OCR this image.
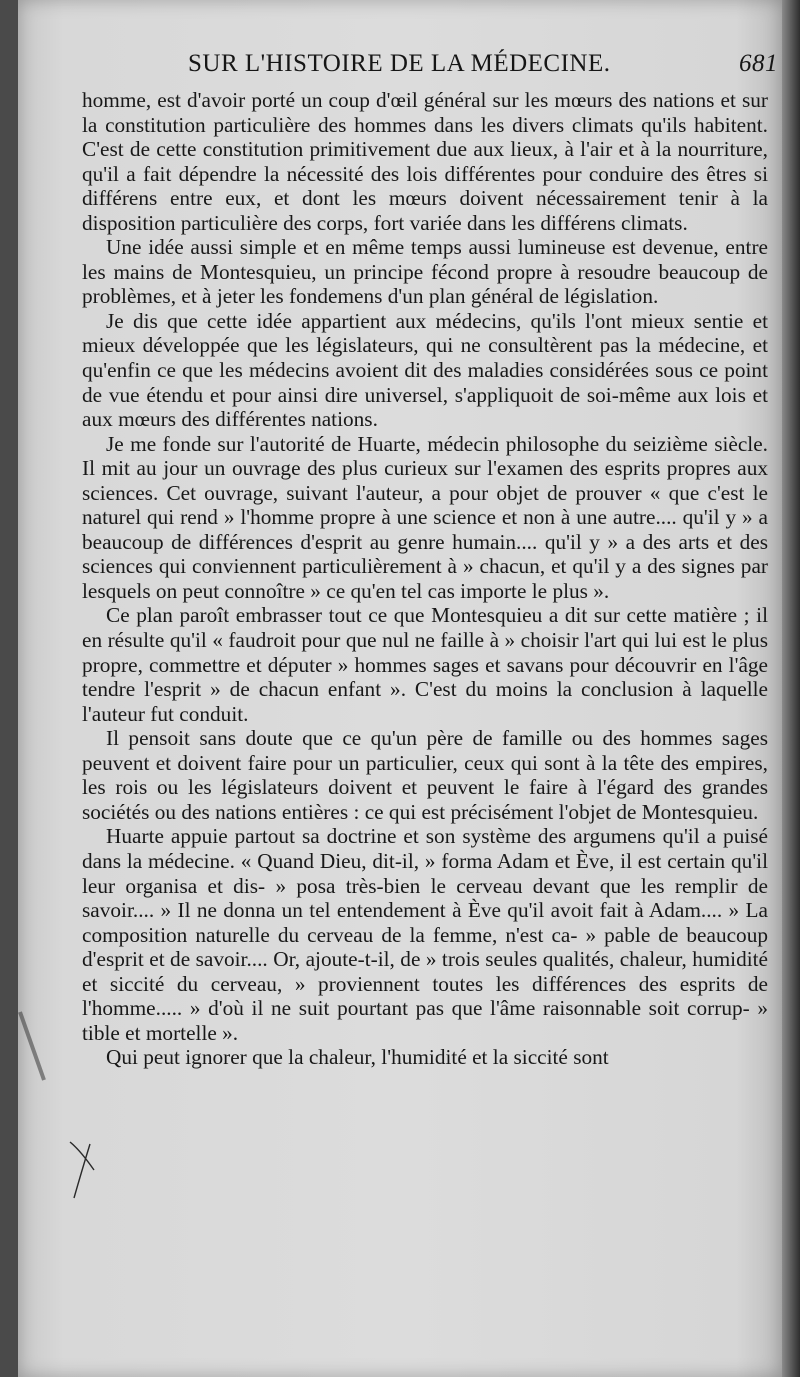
SUR L'HISTOIRE DE LA MÉDECINE.	681

homme, est d'avoir porté un coup d'œil général sur les mœurs des nations et sur la constitution particulière des hommes dans les divers climats qu'ils habitent. C'est de cette constitution primitivement due aux lieux, à l'air et à la nourriture, qu'il a fait dépendre la nécessité des lois différentes pour conduire des êtres si différens entre eux, et dont les mœurs doivent nécessairement tenir à la disposition particulière des corps, fort variée dans les différens climats.

Une idée aussi simple et en même temps aussi lumineuse est devenue, entre les mains de Montesquieu, un principe fécond propre à resoudre beaucoup de problèmes, et à jeter les fondemens d'un plan général de législation.

Je dis que cette idée appartient aux médecins, qu'ils l'ont mieux sentie et mieux développée que les législateurs, qui ne consultèrent pas la médecine, et qu'enfin ce que les médecins avoient dit des maladies considérées sous ce point de vue étendu et pour ainsi dire universel, s'appliquoit de soi-même aux lois et aux mœurs des différentes nations.

Je me fonde sur l'autorité de Huarte, médecin philosophe du seizième siècle. Il mit au jour un ouvrage des plus curieux sur l'examen des esprits propres aux sciences. Cet ouvrage, suivant l'auteur, a pour objet de prouver « que c'est le naturel qui rend » l'homme propre à une science et non à une autre.... qu'il y » a beaucoup de différences d'esprit au genre humain.... qu'il y » a des arts et des sciences qui conviennent particulièrement à » chacun, et qu'il y a des signes par lesquels on peut connoître » ce qu'en tel cas importe le plus ».

Ce plan paroît embrasser tout ce que Montesquieu a dit sur cette matière ; il en résulte qu'il « faudroit pour que nul ne faille à » choisir l'art qui lui est le plus propre, commettre et députer » hommes sages et savans pour découvrir en l'âge tendre l'esprit » de chacun enfant ». C'est du moins la conclusion à laquelle l'auteur fut conduit.

Il pensoit sans doute que ce qu'un père de famille ou des hommes sages peuvent et doivent faire pour un particulier, ceux qui sont à la tête des empires, les rois ou les législateurs doivent et peuvent le faire à l'égard des grandes sociétés ou des nations entières : ce qui est précisément l'objet de Montesquieu.

Huarte appuie partout sa doctrine et son système des argumens qu'il a puisé dans la médecine. « Quand Dieu, dit-il, » forma Adam et Ève, il est certain qu'il leur organisa et dis- » posa très-bien le cerveau devant que les remplir de savoir.... » Il ne donna un tel entendement à Ève qu'il avoit fait à Adam.... » La composition naturelle du cerveau de la femme, n'est ca- » pable de beaucoup d'esprit et de savoir.... Or, ajoute-t-il, de » trois seules qualités, chaleur, humidité et siccité du cerveau, » proviennent toutes les différences des esprits de l'homme..... » d'où il ne suit pourtant pas que l'âme raisonnable soit corrup- » tible et mortelle ».

Qui peut ignorer que la chaleur, l'humidité et la siccité sont
